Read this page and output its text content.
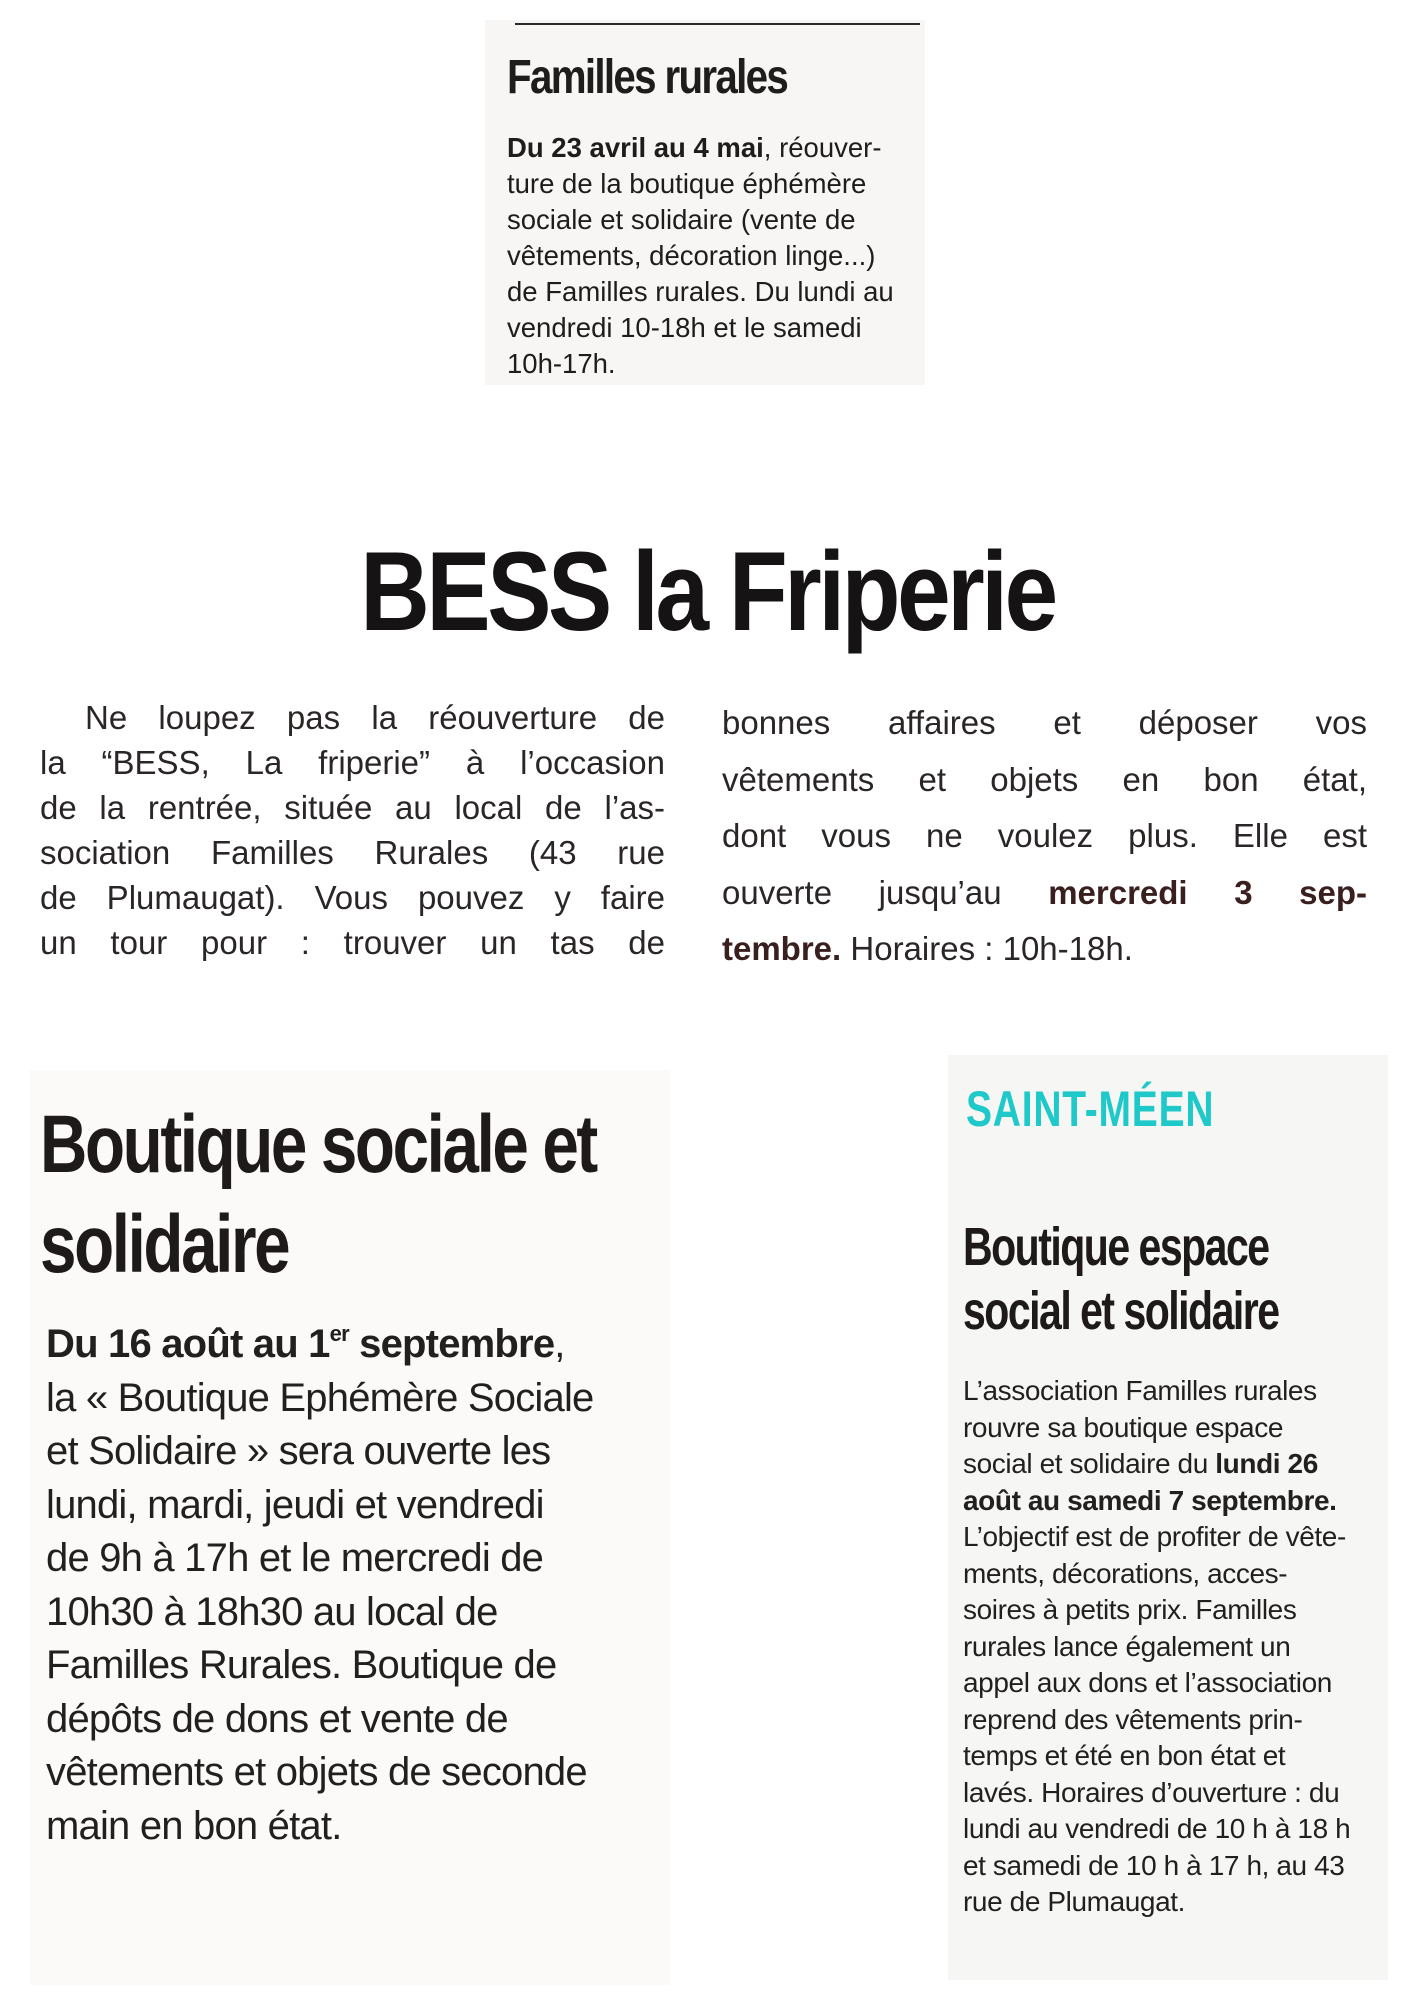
Familles rurales
Du 23 avril au 4 mai, réouver-
ture de la boutique éphémère
sociale et solidaire (vente de
vêtements, décoration linge...)
de Familles rurales. Du lundi au
vendredi 10-18h et le samedi
10h-17h.
BESS la Friperie
Ne loupez pas la réouverture de
la “BESS, La friperie” à l’occasion
de la rentrée, située au local de l’as-
sociation Familles Rurales (43 rue
de Plumaugat). Vous pouvez y faire
un tour pour : trouver un tas de
bonnes affaires et déposer vos
vêtements et objets en bon état,
dont vous ne voulez plus. Elle est
ouverte jusqu’au mercredi 3 sep-
tembre. Horaires : 10h-18h.
Boutique sociale et
solidaire
Du 16 août au 1er septembre,
la « Boutique Ephémère Sociale
et Solidaire » sera ouverte les
lundi, mardi, jeudi et vendredi
de 9h à 17h et le mercredi de
10h30 à 18h30 au local de
Familles Rurales. Boutique de
dépôts de dons et vente de
vêtements et objets de seconde
main en bon état.
SAINT-MÉEN
Boutique espace
social et solidaire
L’association Familles rurales
rouvre sa boutique espace
social et solidaire du lundi 26
août au samedi 7 septembre.
L’objectif est de profiter de vête-
ments, décorations, acces-
soires à petits prix. Familles
rurales lance également un
appel aux dons et l’association
reprend des vêtements prin-
temps et été en bon état et
lavés. Horaires d’ouverture : du
lundi au vendredi de 10 h à 18 h
et samedi de 10 h à 17 h, au 43
rue de Plumaugat.
